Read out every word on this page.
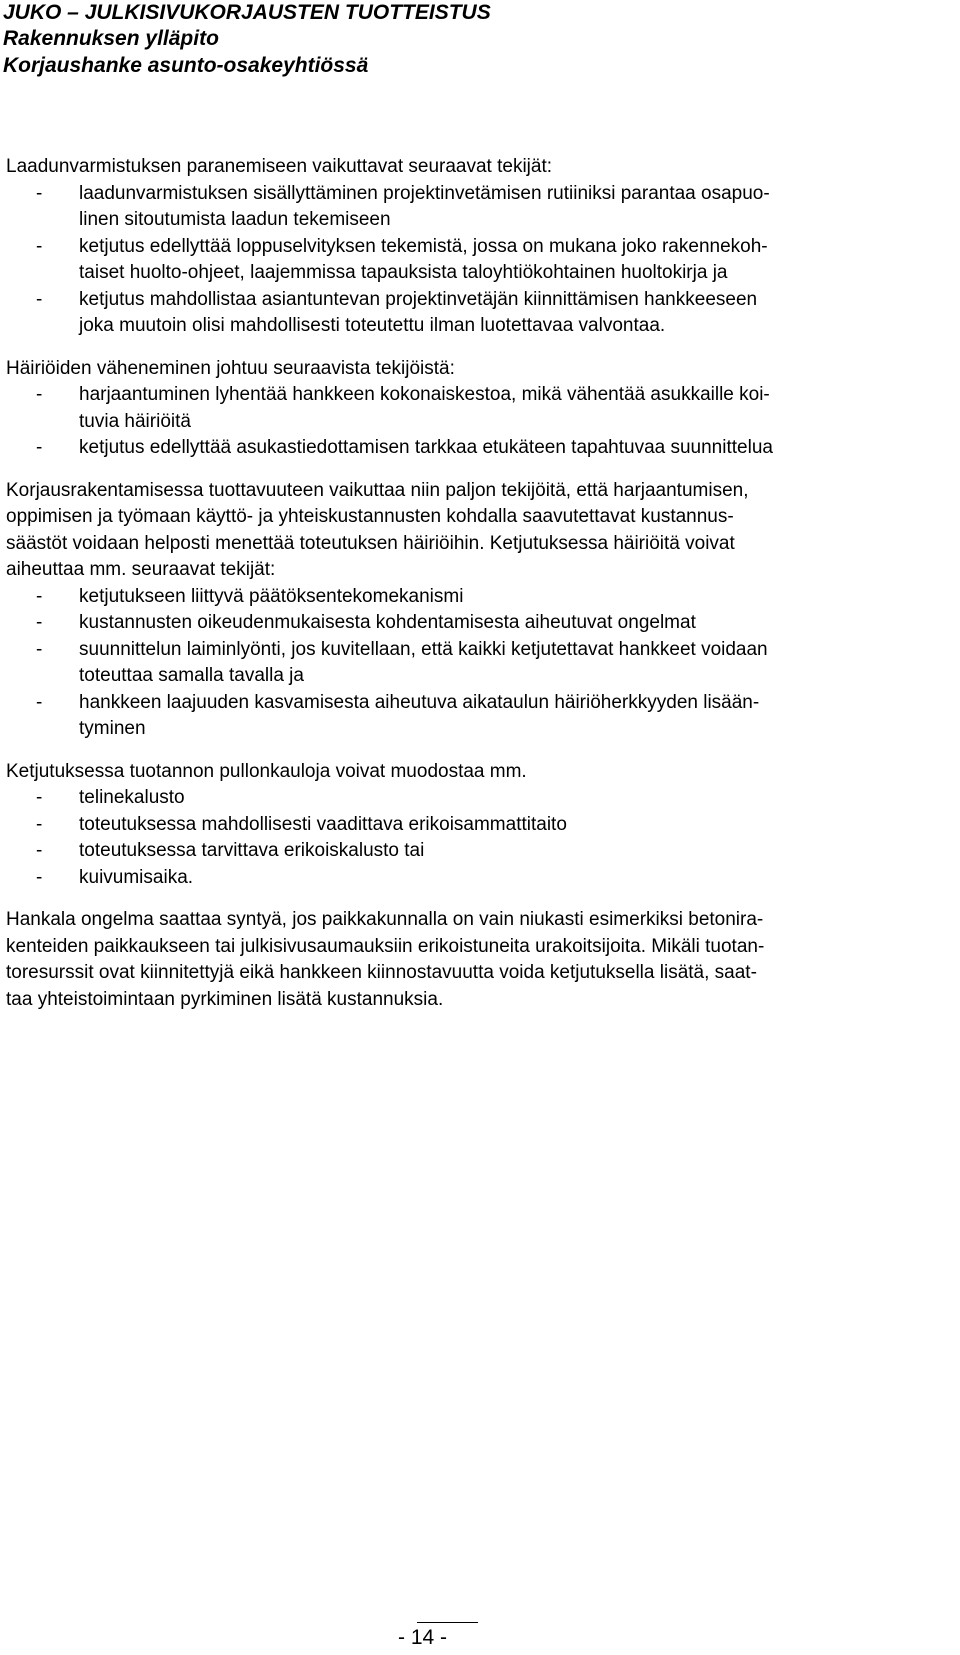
JUKO – JULKISIVUKORJAUSTEN TUOTTEISTUS
Rakennuksen ylläpito
Korjaushanke asunto-osakeyhtiössä
Laadunvarmistuksen paranemiseen vaikuttavat seuraavat tekijät:
- laadunvarmistuksen sisällyttäminen projektinvetämisen rutiiniksi parantaa osapuo-
linen sitoutumista laadun tekemiseen
- ketjutus edellyttää loppuselvityksen tekemistä, jossa on mukana joko rakennekoh-
taiset huolto-ohjeet, laajemmissa tapauksista taloyhtiökohtainen huoltokirja ja
- ketjutus mahdollistaa asiantuntevan projektinvetäjän kiinnittämisen hankkeeseen
joka muutoin olisi mahdollisesti toteutettu ilman luotettavaa valvontaa.
Häiriöiden väheneminen johtuu seuraavista tekijöistä:
- harjaantuminen lyhentää hankkeen kokonaiskestoa, mikä vähentää asukkaille koi-
tuvia häiriöitä
- ketjutus edellyttää asukastiedottamisen tarkkaa etukäteen tapahtuvaa suunnittelua
Korjausrakentamisessa tuottavuuteen vaikuttaa niin paljon tekijöitä, että harjaantumisen,
oppimisen ja työmaan käyttö- ja yhteiskustannusten kohdalla saavutettavat kustannus-
säästöt voidaan helposti menettää toteutuksen häiriöihin. Ketjutuksessa häiriöitä voivat
aiheuttaa mm. seuraavat tekijät:
- ketjutukseen liittyvä päätöksentekomekanismi
- kustannusten oikeudenmukaisesta kohdentamisesta aiheutuvat ongelmat
- suunnittelun laiminlyönti, jos kuvitellaan, että kaikki ketjutettavat hankkeet voidaan
toteuttaa samalla tavalla ja
- hankkeen laajuuden kasvamisesta aiheutuva aikataulun häiriöherkkyyden lisään-
tyminen
Ketjutuksessa tuotannon pullonkauloja voivat muodostaa mm.
- telinekalusto
- toteutuksessa mahdollisesti vaadittava erikoisammattitaito
- toteutuksessa tarvittava erikoiskalusto tai
- kuivumisaika.
Hankala ongelma saattaa syntyä, jos paikkakunnalla on vain niukasti esimerkiksi betonira-
kenteiden paikkaukseen tai julkisivusaumauksiin erikoistuneita urakoitsijoita. Mikäli tuotan-
toresurssit ovat kiinnitettyjä eikä hankkeen kiinnostavuutta voida ketjutuksella lisätä, saat-
taa yhteistoimintaan pyrkiminen lisätä kustannuksia.
- 14 -
